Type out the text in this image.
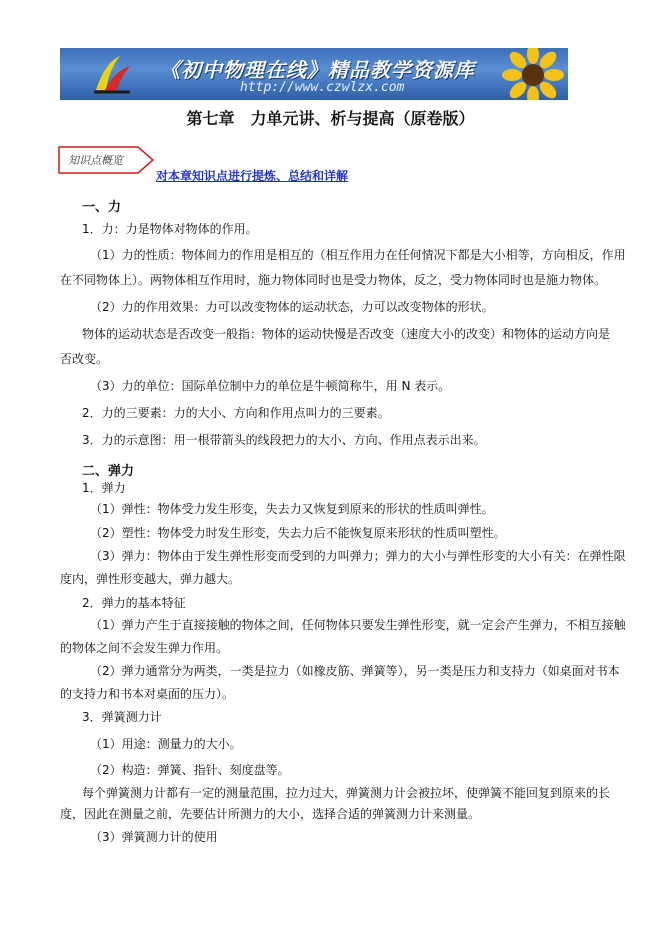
《初中物理在线》精品教学资源库
http://www.czwlzx.com
第七章　力单元讲、析与提高（原卷版）
知识点概览
对本章知识点进行提炼、总结和详解
一、力
1．力：力是物体对物体的作用。
（1）力的性质：物体间力的作用是相互的（相互作用力在任何情况下都是大小相等，方向相反，作用
在不同物体上）。两物体相互作用时，施力物体同时也是受力物体，反之，受力物体同时也是施力物体。
（2）力的作用效果：力可以改变物体的运动状态，力可以改变物体的形状。
物体的运动状态是否改变一般指：物体的运动快慢是否改变（速度大小的改变）和物体的运动方向是
否改变。
（3）力的单位：国际单位制中力的单位是牛顿简称牛，用 N 表示。
2．力的三要素：力的大小、方向和作用点叫力的三要素。
3．力的示意图：用一根带箭头的线段把力的大小、方向、作用点表示出来。
二、弹力
1．弹力
（1）弹性：物体受力发生形变，失去力又恢复到原来的形状的性质叫弹性。
（2）塑性：物体受力时发生形变，失去力后不能恢复原来形状的性质叫塑性。
（3）弹力：物体由于发生弹性形变而受到的力叫弹力；弹力的大小与弹性形变的大小有关：在弹性限
度内，弹性形变越大，弹力越大。
2．弹力的基本特征
（1）弹力产生于直接接触的物体之间，任何物体只要发生弹性形变，就一定会产生弹力，不相互接触
的物体之间不会发生弹力作用。
（2）弹力通常分为两类，一类是拉力（如橡皮筋、弹簧等），另一类是压力和支持力（如桌面对书本
的支持力和书本对桌面的压力）。
3．弹簧测力计
（1）用途：测量力的大小。
（2）构造：弹簧、指针、刻度盘等。
每个弹簧测力计都有一定的测量范围，拉力过大，弹簧测力计会被拉坏，使弹簧不能回复到原来的长
度，因此在测量之前，先要估计所测力的大小，选择合适的弹簧测力计来测量。
（3）弹簧测力计的使用
